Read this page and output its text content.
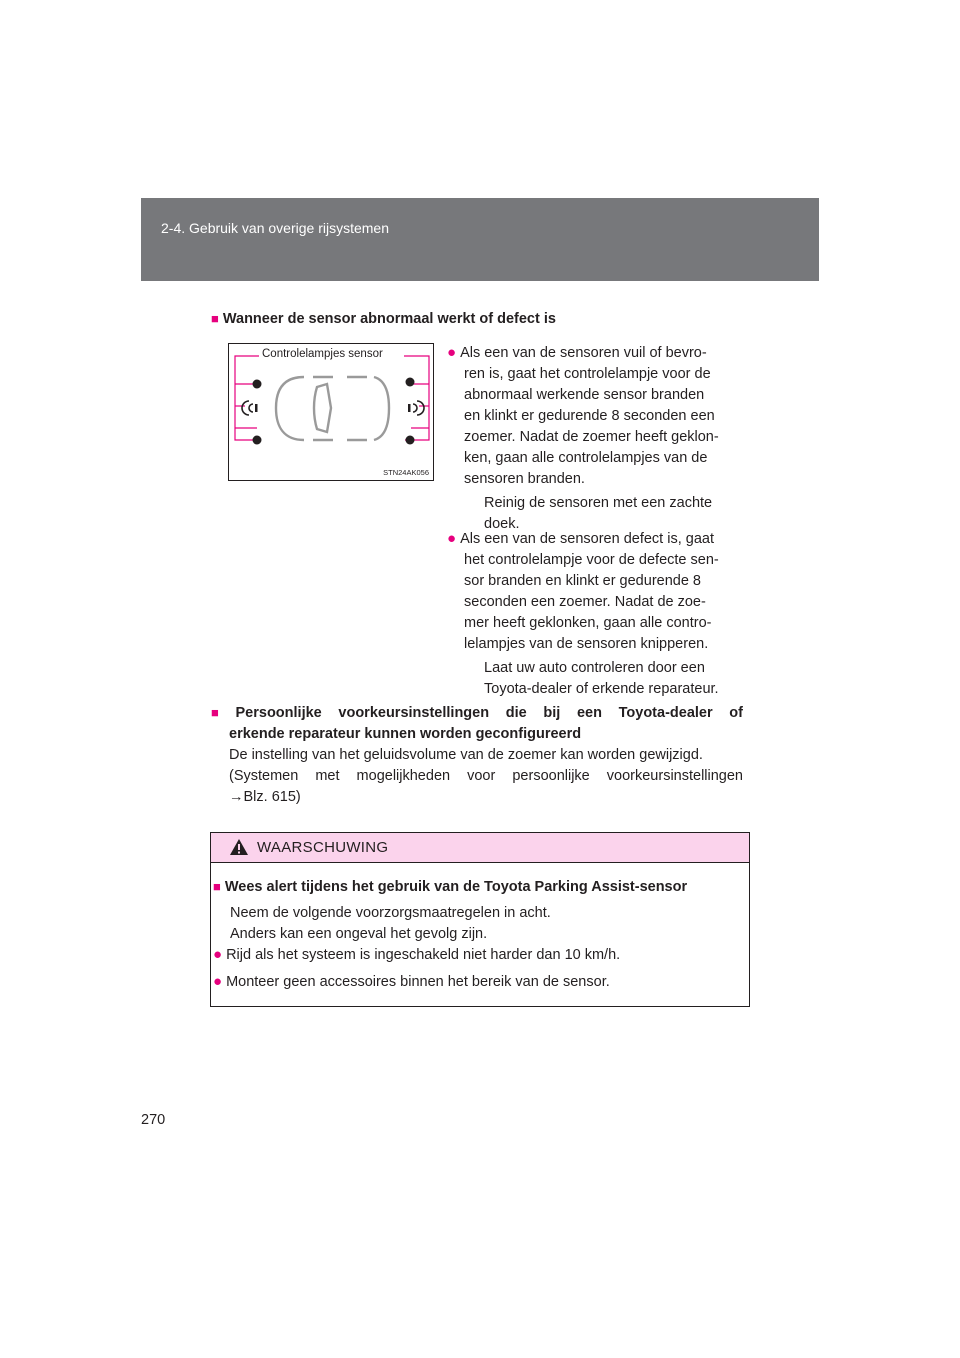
2-4. Gebruik van overige rijsystemen
■ Wanneer de sensor abnormaal werkt of defect is
Controlelampjes sensor
STN24AK056
● Als een van de sensoren vuil of bevro-
ren is, gaat het controlelampje voor de
abnormaal werkende sensor branden
en klinkt er gedurende 8 seconden een
zoemer. Nadat de zoemer heeft geklon-
ken, gaan alle controlelampjes van de
sensoren branden.
Reinig de sensoren met een zachte
doek.
● Als een van de sensoren defect is, gaat
het controlelampje voor de defecte sen-
sor branden en klinkt er gedurende 8
seconden een zoemer. Nadat de zoe-
mer heeft geklonken, gaan alle contro-
lelampjes van de sensoren knipperen.
Laat uw auto controleren door een
Toyota-dealer of erkende reparateur.
■ Persoonlijke voorkeursinstellingen die bij een Toyota-dealer of
erkende reparateur kunnen worden geconfigureerd
De instelling van het geluidsvolume van de zoemer kan worden gewijzigd.
(Systemen met mogelijkheden voor persoonlijke voorkeursinstellingen
→Blz. 615)
WAARSCHUWING
■ Wees alert tijdens het gebruik van de Toyota Parking Assist-sensor
Neem de volgende voorzorgsmaatregelen in acht.
Anders kan een ongeval het gevolg zijn.
● Rijd als het systeem is ingeschakeld niet harder dan 10 km/h.
● Monteer geen accessoires binnen het bereik van de sensor.
270
